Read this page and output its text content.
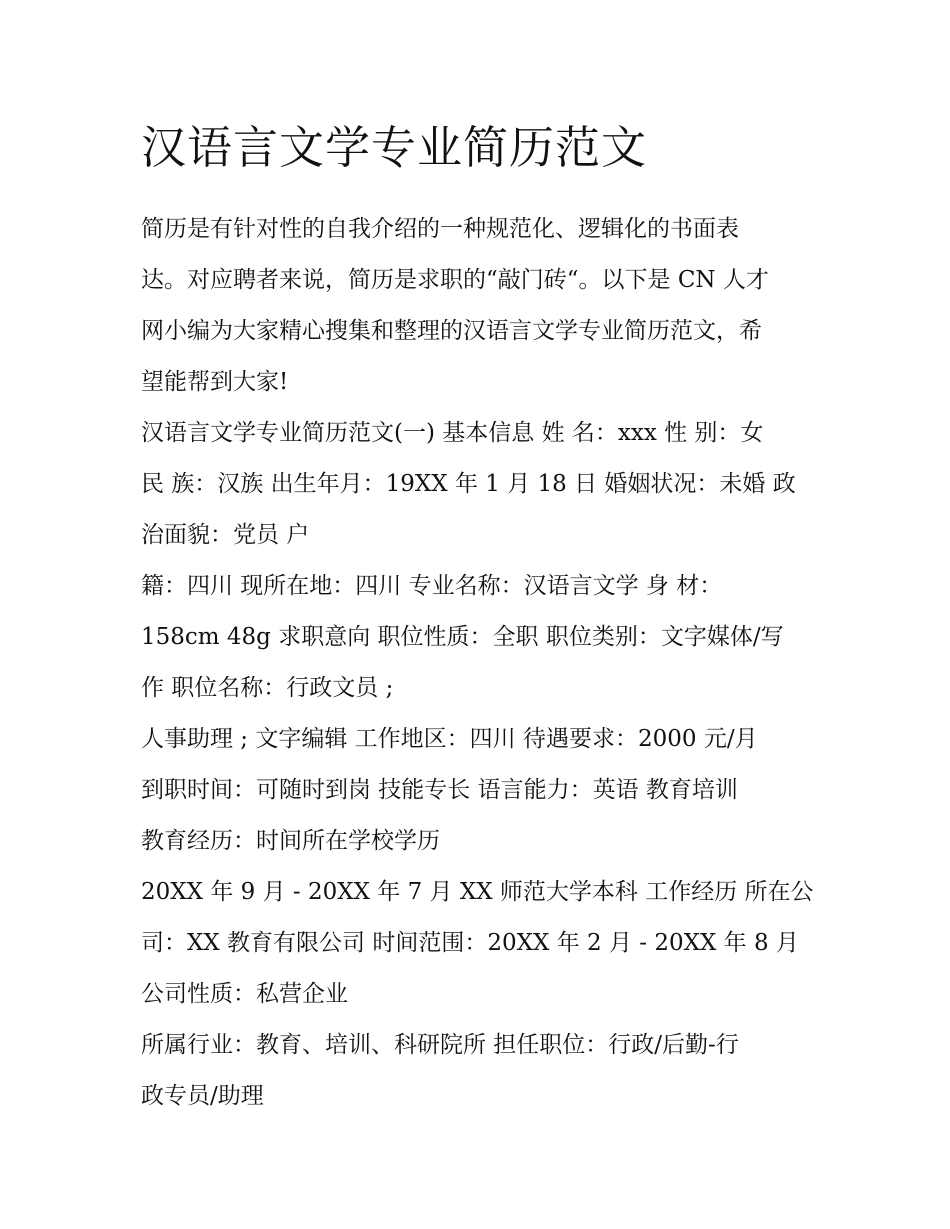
汉语言文学专业简历范文

简历是有针对性的自我介绍的一种规范化、逻辑化的书面表

达。对应聘者来说，简历是求职的“敲门砖“。以下是 CN 人才

网小编为大家精心搜集和整理的汉语言文学专业简历范文，希

望能帮到大家!

汉语言文学专业简历范文(一) 基本信息 姓 名：xxx 性 别：女

民 族：汉族 出生年月：19XX 年 1 月 18 日 婚姻状况：未婚 政

治面貌：党员 户

籍：四川 现所在地：四川 专业名称：汉语言文学 身 材：

158cm 48g 求职意向 职位性质：全职 职位类别：文字媒体/写

作 职位名称：行政文员 ;

人事助理 ; 文字编辑 工作地区：四川 待遇要求：2000 元/月

到职时间：可随时到岗 技能专长 语言能力：英语 教育培训

教育经历：时间所在学校学历

20XX 年 9 月 - 20XX 年 7 月 XX 师范大学本科 工作经历 所在公

司：XX 教育有限公司 时间范围：20XX 年 2 月 - 20XX 年 8 月

公司性质：私营企业

所属行业：教育、培训、科研院所 担任职位：行政/后勤-行

政专员/助理
